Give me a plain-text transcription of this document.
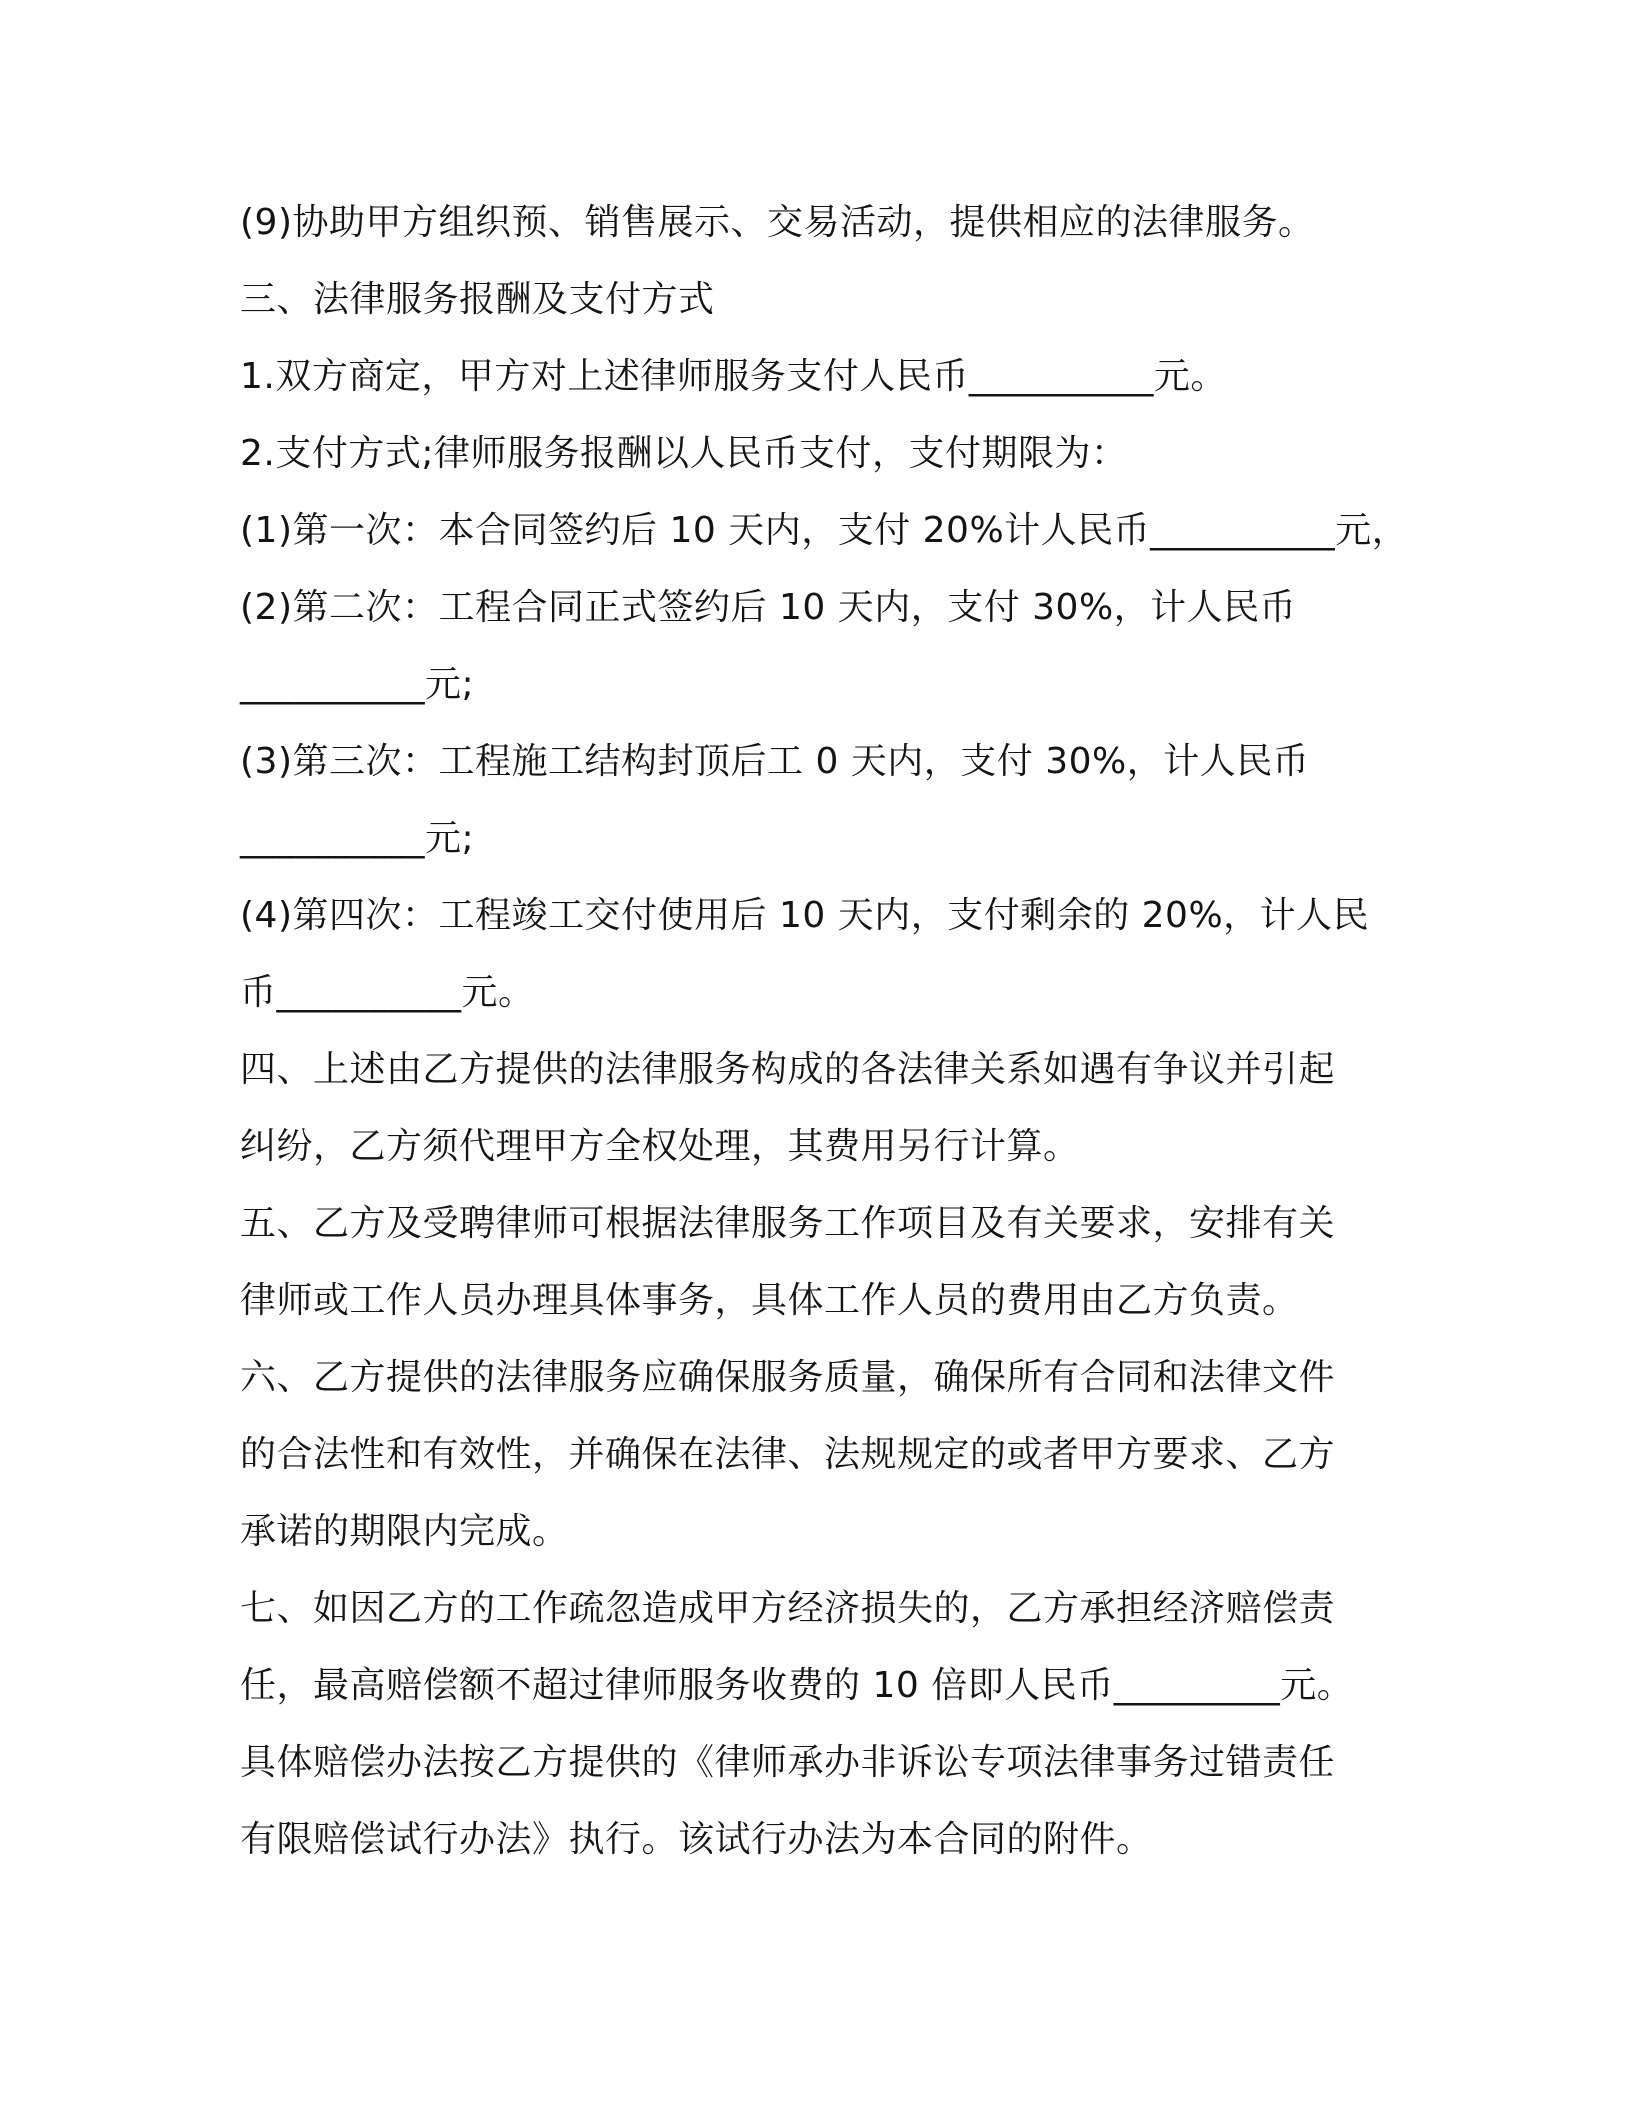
(9)协助甲方组织预、销售展示、交易活动，提供相应的法律服务。
三、法律服务报酬及支付方式
1.双方商定，甲方对上述律师服务支付人民币__________元。
2.支付方式;律师服务报酬以人民币支付，支付期限为：
(1)第一次：本合同签约后 10 天内，支付 20%计人民币__________元，
(2)第二次：工程合同正式签约后 10 天内，支付 30%，计人民币
__________元;
(3)第三次：工程施工结构封顶后工 0 天内，支付 30%，计人民币
__________元;
(4)第四次：工程竣工交付使用后 10 天内，支付剩余的 20%，计人民
币__________元。
四、上述由乙方提供的法律服务构成的各法律关系如遇有争议并引起
纠纷，乙方须代理甲方全权处理，其费用另行计算。
五、乙方及受聘律师可根据法律服务工作项目及有关要求，安排有关
律师或工作人员办理具体事务，具体工作人员的费用由乙方负责。
六、乙方提供的法律服务应确保服务质量，确保所有合同和法律文件
的合法性和有效性，并确保在法律、法规规定的或者甲方要求、乙方
承诺的期限内完成。
七、如因乙方的工作疏忽造成甲方经济损失的，乙方承担经济赔偿责
任，最高赔偿额不超过律师服务收费的 10 倍即人民币_________元。
具体赔偿办法按乙方提供的《律师承办非诉讼专项法律事务过错责任
有限赔偿试行办法》执行。该试行办法为本合同的附件。
